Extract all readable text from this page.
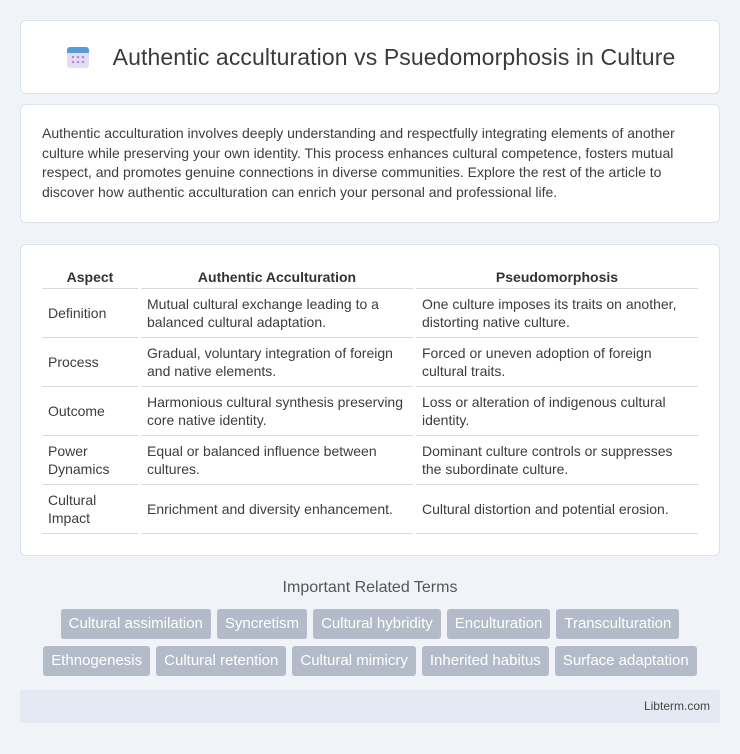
Authentic acculturation vs Psuedomorphosis in Culture

Authentic acculturation involves deeply understanding and respectfully integrating elements of another culture while preserving your own identity. This process enhances cultural competence, fosters mutual respect, and promotes genuine connections in diverse communities. Explore the rest of the article to discover how authentic acculturation can enrich your personal and professional life.

Aspect	Authentic Acculturation	Pseudomorphosis
Definition	Mutual cultural exchange leading to a balanced cultural adaptation.	One culture imposes its traits on another, distorting native culture.
Process	Gradual, voluntary integration of foreign and native elements.	Forced or uneven adoption of foreign cultural traits.
Outcome	Harmonious cultural synthesis preserving core native identity.	Loss or alteration of indigenous cultural identity.
Power Dynamics	Equal or balanced influence between cultures.	Dominant culture controls or suppresses the subordinate culture.
Cultural Impact	Enrichment and diversity enhancement.	Cultural distortion and potential erosion.
Important Related Terms
Cultural assimilation	Syncretism	Cultural hybridity	Enculturation	Transculturation
Ethnogenesis	Cultural retention	Cultural mimicry	Inherited habitus	Surface adaptation
Libterm.com
